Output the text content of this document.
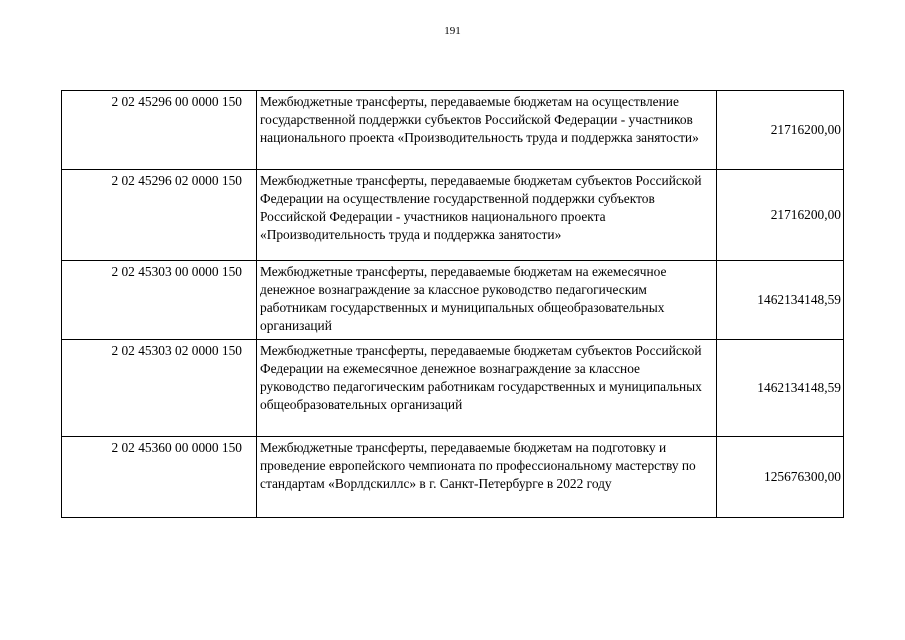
191
2 02 45296 00 0000 150	Межбюджетные трансферты, передаваемые бюджетам на осуществление государственной поддержки субъектов Российской Федерации - участников национального проекта «Производительность труда и поддержка занятости»	21716200,00
2 02 45296 02 0000 150	Межбюджетные трансферты, передаваемые бюджетам субъектов Российской Федерации на осуществление государственной поддержки субъектов Российской Федерации - участников национального проекта «Производительность труда и поддержка занятости»	21716200,00
2 02 45303 00 0000 150	Межбюджетные трансферты, передаваемые бюджетам на ежемесячное денежное вознаграждение за классное руководство педагогическим работникам государственных и муниципальных общеобразовательных организаций	1462134148,59
2 02 45303 02 0000 150	Межбюджетные трансферты, передаваемые бюджетам субъектов Российской Федерации на ежемесячное денежное вознаграждение за классное руководство педагогическим работникам государственных и муниципальных общеобразовательных организаций	1462134148,59
2 02 45360 00 0000 150	Межбюджетные трансферты, передаваемые бюджетам на подготовку и проведение европейского чемпионата по профессиональному мастерству по стандартам «Ворлдскиллс» в г. Санкт-Петербурге в 2022 году	125676300,00
